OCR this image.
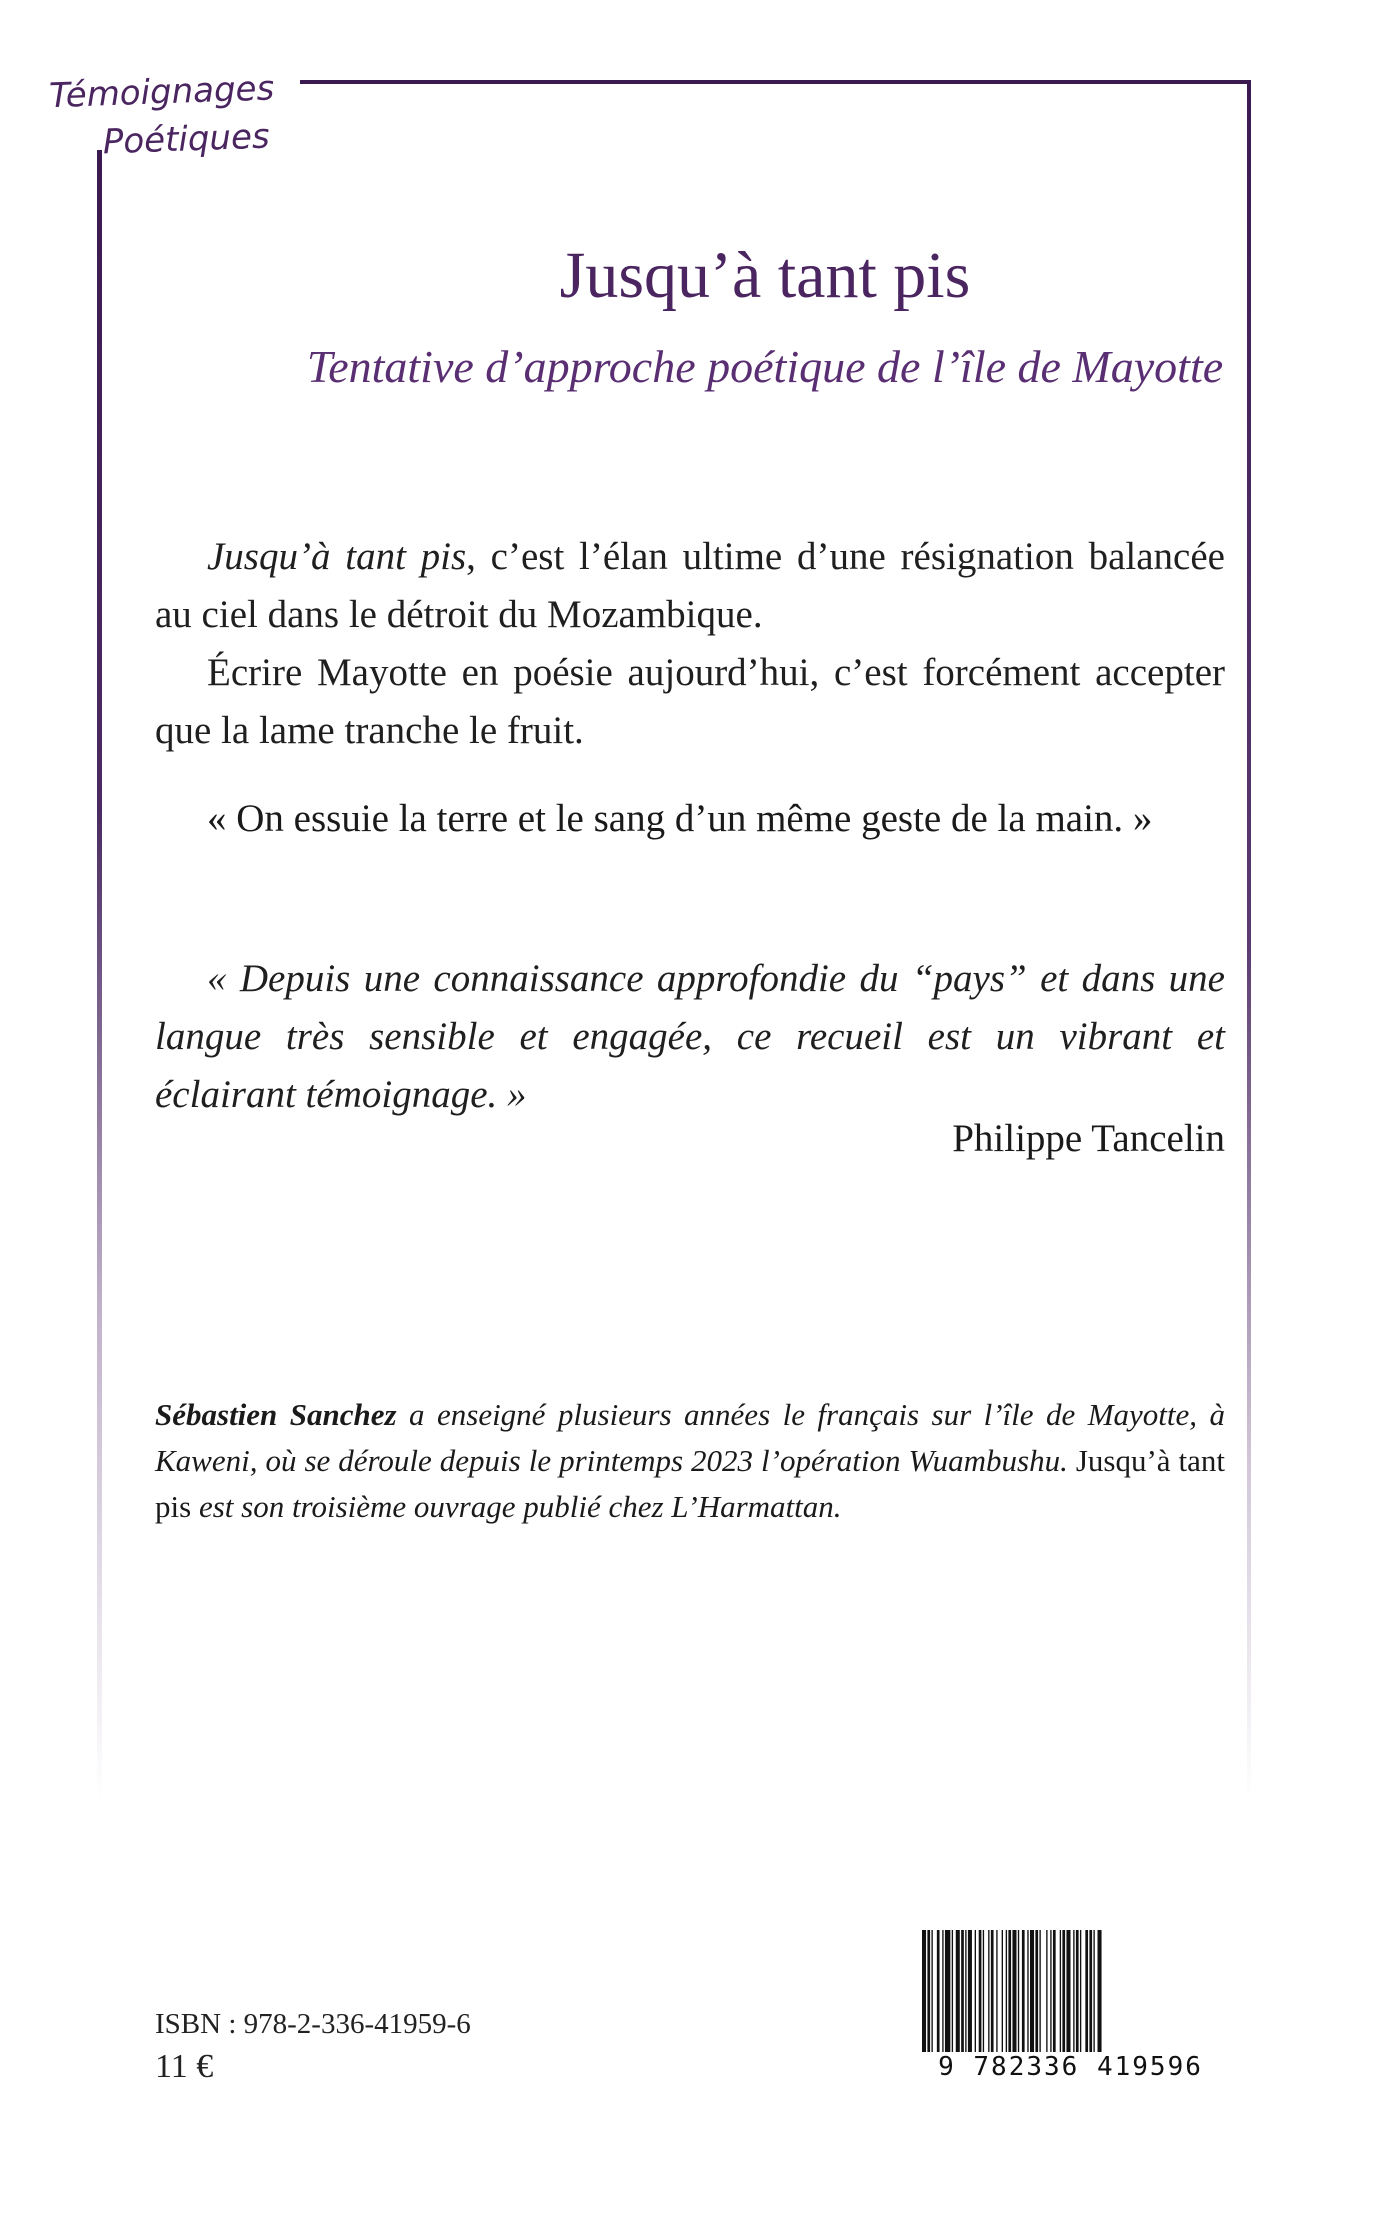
Témoignages
Poétiques
Jusqu’à tant pis
Tentative d’approche poétique de l’île de Mayotte

Jusqu’à tant pis, c’est l’élan ultime d’une résignation balancée au ciel dans le détroit du Mozambique.

Écrire Mayotte en poésie aujourd’hui, c’est forcément accepter que la lame tranche le fruit.

« On essuie la terre et le sang d’un même geste de la main. »

« Depuis une connaissance approfondie du “pays” et dans une langue très sensible et engagée, ce recueil est un vibrant et éclairant témoignage. »

Philippe Tancelin
Sébastien Sanchez a enseigné plusieurs années le français sur l’île de Mayotte, à Kaweni, où se déroule depuis le printemps 2023 l’opération Wuambushu. Jusqu’à tant pis est son troisième ouvrage publié chez L’Harmattan.
ISBN : 978-2-336-41959-6
11 €	9 782336 419596
